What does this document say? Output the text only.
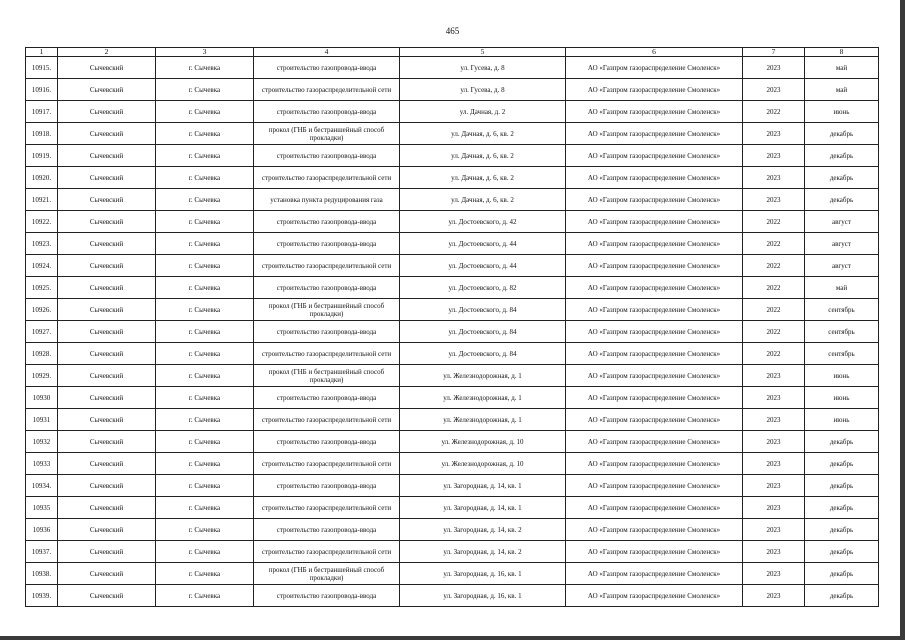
465
1	2	3	4	5	6	7	8
10915.	Сычевский	г. Сычевка	строительство газопровода-ввода	ул. Гусева, д. 8	АО «Газпром газораспределение Смоленск»	2023	май
10916.	Сычевский	г. Сычевка	строительство газораспределительной сети	ул. Гусева, д. 8	АО «Газпром газораспределение Смоленск»	2023	май
10917.	Сычевский	г. Сычевка	строительство газопровода-ввода	ул. Дачная, д. 2	АО «Газпром газораспределение Смоленск»	2022	июнь
10918.	Сычевский	г. Сычевка	прокол (ГНБ и бестраншейный способ прокладки)	ул. Дачная, д. 6, кв. 2	АО «Газпром газораспределение Смоленск»	2023	декабрь
10919.	Сычевский	г. Сычевка	строительство газопровода-ввода	ул. Дачная, д. 6, кв. 2	АО «Газпром газораспределение Смоленск»	2023	декабрь
10920.	Сычевский	г. Сычевка	строительство газораспределительной сети	ул. Дачная, д. 6, кв. 2	АО «Газпром газораспределение Смоленск»	2023	декабрь
10921.	Сычевский	г. Сычевка	установка пункта редуцирования газа	ул. Дачная, д. 6, кв. 2	АО «Газпром газораспределение Смоленск»	2023	декабрь
10922.	Сычевский	г. Сычевка	строительство газопровода-ввода	ул. Достоевского, д. 42	АО «Газпром газораспределение Смоленск»	2022	август
10923.	Сычевский	г. Сычевка	строительство газопровода-ввода	ул. Достоевского, д. 44	АО «Газпром газораспределение Смоленск»	2022	август
10924.	Сычевский	г. Сычевка	строительство газораспределительной сети	ул. Достоевского, д. 44	АО «Газпром газораспределение Смоленск»	2022	август
10925.	Сычевский	г. Сычевка	строительство газопровода-ввода	ул. Достоевского, д. 82	АО «Газпром газораспределение Смоленск»	2022	май
10926.	Сычевский	г. Сычевка	прокол (ГНБ и бестраншейный способ прокладки)	ул. Достоевского, д. 84	АО «Газпром газораспределение Смоленск»	2022	сентябрь
10927.	Сычевский	г. Сычевка	строительство газопровода-ввода	ул. Достоевского, д. 84	АО «Газпром газораспределение Смоленск»	2022	сентябрь
10928.	Сычевский	г. Сычевка	строительство газораспределительной сети	ул. Достоевского, д. 84	АО «Газпром газораспределение Смоленск»	2022	сентябрь
10929.	Сычевский	г. Сычевка	прокол (ГНБ и бестраншейный способ прокладки)	ул. Железнодорожная, д. 1	АО «Газпром газораспределение Смоленск»	2023	июнь
10930	Сычевский	г. Сычевка	строительство газопровода-ввода	ул. Железнодорожная, д. 1	АО «Газпром газораспределение Смоленск»	2023	июнь
10931	Сычевский	г. Сычевка	строительство газораспределительной сети	ул. Железнодорожная, д. 1	АО «Газпром газораспределение Смоленск»	2023	июнь
10932	Сычевский	г. Сычевка	строительство газопровода-ввода	ул. Железнодорожная, д. 10	АО «Газпром газораспределение Смоленск»	2023	декабрь
10933	Сычевский	г. Сычевка	строительство газораспределительной сети	ул. Железнодорожная, д. 10	АО «Газпром газораспределение Смоленск»	2023	декабрь
10934.	Сычевский	г. Сычевка	строительство газопровода-ввода	ул. Загородная, д. 14, кв. 1	АО «Газпром газораспределение Смоленск»	2023	декабрь
10935	Сычевский	г. Сычевка	строительство газораспределительной сети	ул. Загородная, д. 14, кв. 1	АО «Газпром газораспределение Смоленск»	2023	декабрь
10936	Сычевский	г. Сычевка	строительство газопровода-ввода	ул. Загородная, д. 14, кв. 2	АО «Газпром газораспределение Смоленск»	2023	декабрь
10937.	Сычевский	г. Сычевка	строительство газораспределительной сети	ул. Загородная, д. 14, кв. 2	АО «Газпром газораспределение Смоленск»	2023	декабрь
10938.	Сычевский	г. Сычевка	прокол (ГНБ и бестраншейный способ прокладки)	ул. Загородная, д. 16, кв. 1	АО «Газпром газораспределение Смоленск»	2023	декабрь
10939.	Сычевский	г. Сычевка	строительство газопровода-ввода	ул. Загородная, д. 16, кв. 1	АО «Газпром газораспределение Смоленск»	2023	декабрь
